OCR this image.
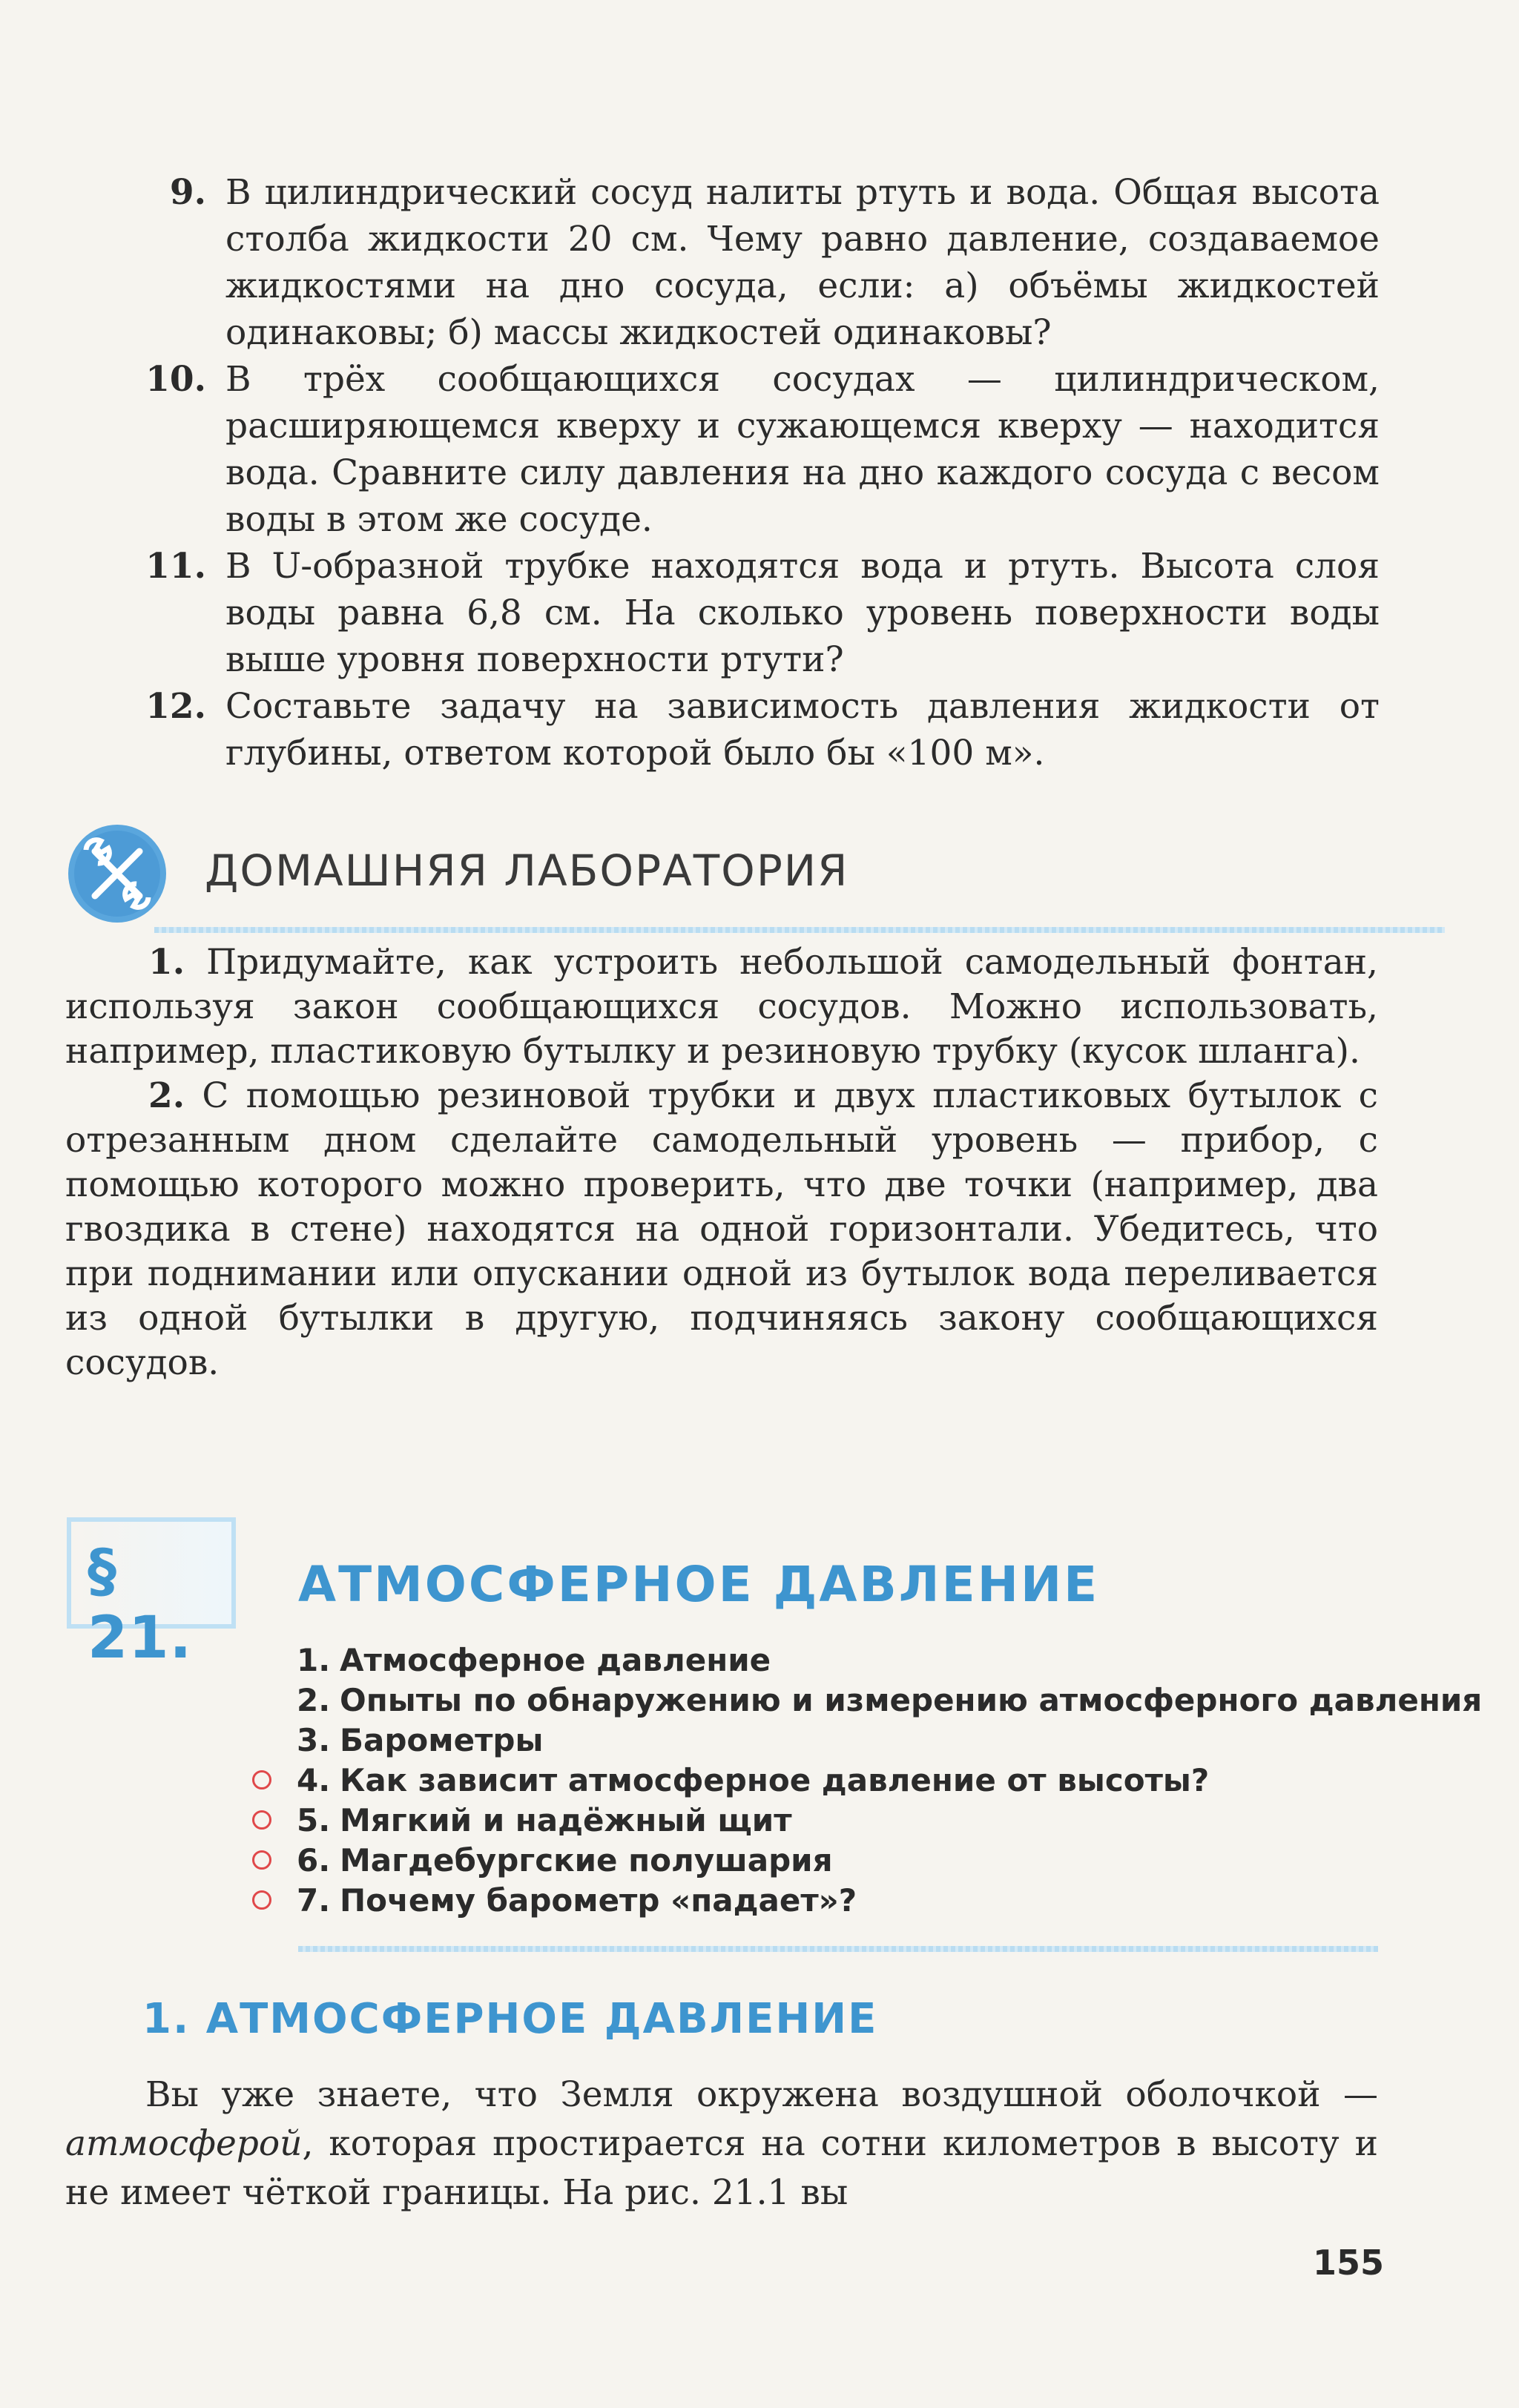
9. В цилиндрический сосуд налиты ртуть и вода. Общая высота столба жидкости 20 см. Чему равно давление, создаваемое жидкостями на дно сосуда, если: а) объёмы жидкостей одинаковы; б) массы жидкостей одинаковы?
10. В трёх сообщающихся сосудах — цилиндрическом, расширяющемся кверху и сужающемся кверху — находится вода. Сравните силу давления на дно каждого сосуда с весом воды в этом же сосуде.
11. В U-образной трубке находятся вода и ртуть. Высота слоя воды равна 6,8 см. На сколько уровень поверхности воды выше уровня поверхности ртути?
12. Составьте задачу на зависимость давления жидкости от глубины, ответом которой было бы «100 м».
ДОМАШНЯЯ ЛАБОРАТОРИЯ

1. Придумайте, как устроить небольшой самодельный фонтан, используя закон сообщающихся сосудов. Можно использовать, например, пластиковую бутылку и резиновую трубку (кусок шланга).

2. С помощью резиновой трубки и двух пластиковых бутылок с отрезанным дном сделайте самодельный уровень — прибор, с помощью которого можно проверить, что две точки (например, два гвоздика в стене) находятся на одной горизонтали. Убедитесь, что при поднимании или опускании одной из бутылок вода переливается из одной бутылки в другую, подчиняясь закону сообщающихся сосудов.

§ 21.
АТМОСФЕРНОЕ ДАВЛЕНИЕ
1. Атмосферное давление
2. Опыты по обнаружению и измерению атмосферного давления
3. Барометры
4. Как зависит атмосферное давление от высоты?
5. Мягкий и надёжный щит
6. Магдебургские полушария
7. Почему барометр «падает»?
1. АТМОСФЕРНОЕ ДАВЛЕНИЕ

Вы уже знаете, что Земля окружена воздушной оболочкой — атмосферой, которая простирается на сотни километров в высоту и не имеет чёткой границы. На рис. 21.1 вы

155
